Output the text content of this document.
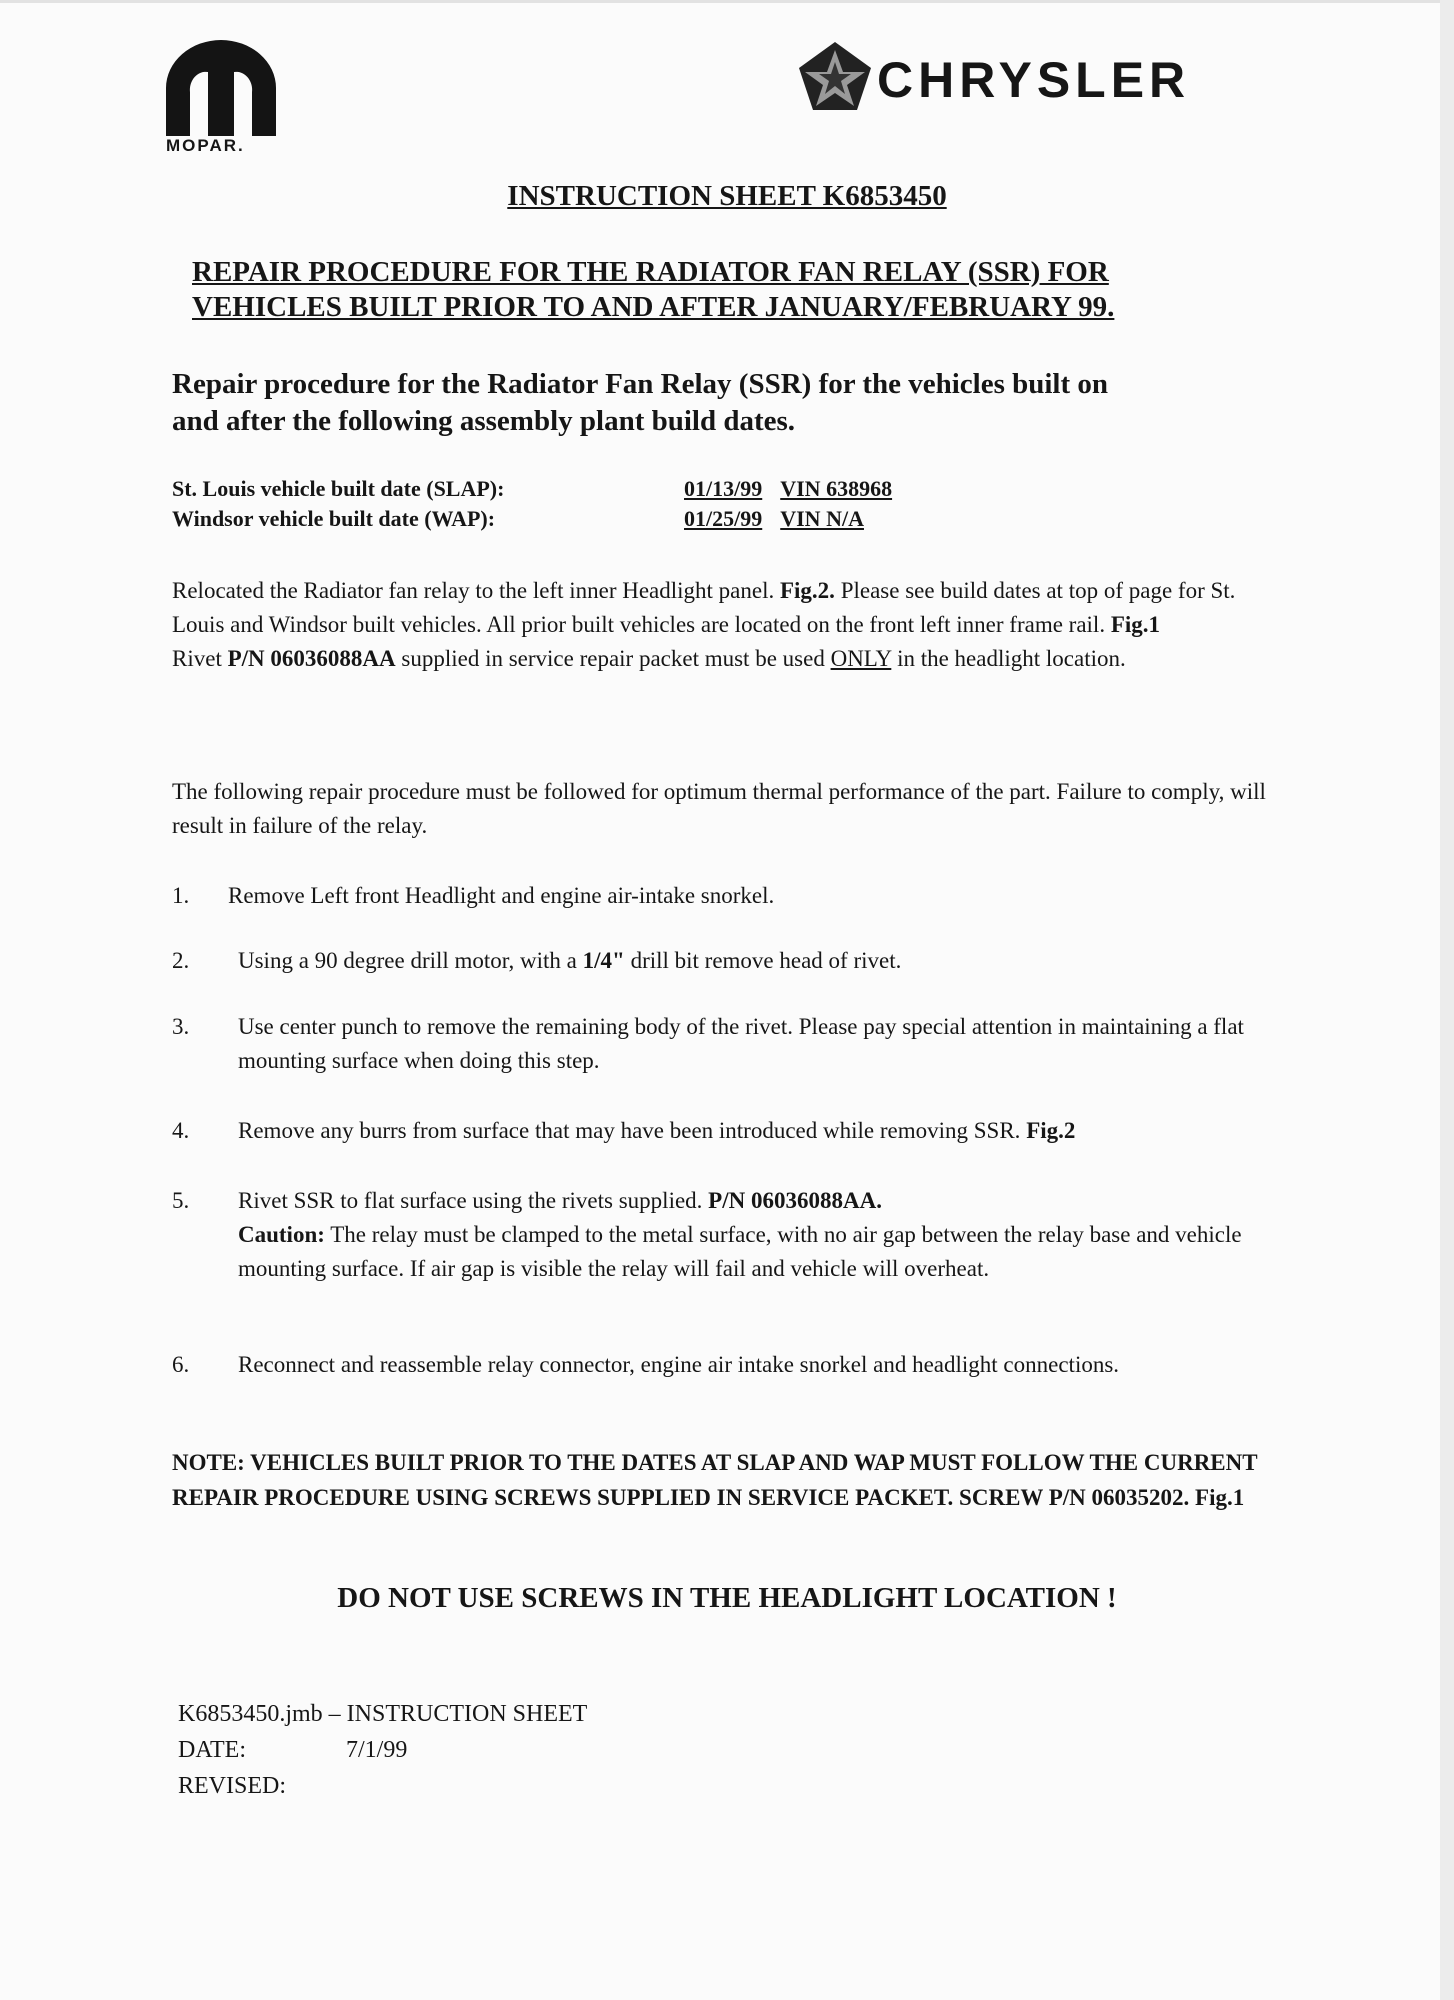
MOPAR.
CHRYSLER
INSTRUCTION SHEET K6853450
REPAIR PROCEDURE FOR THE RADIATOR FAN RELAY (SSR) FOR
VEHICLES BUILT PRIOR TO AND AFTER JANUARY/FEBRUARY 99.
Repair procedure for the Radiator Fan Relay (SSR) for the vehicles built on
and after the following assembly plant build dates.
St. Louis vehicle built date (SLAP):	01/13/99 VIN 638968
Windsor vehicle built date (WAP):	01/25/99 VIN N/A
Relocated the Radiator fan relay to the left inner Headlight panel. Fig.2. Please see build dates at top of page for St. Louis and Windsor built vehicles. All prior built vehicles are located on the front left inner frame rail. Fig.1
Rivet P/N 06036088AA supplied in service repair packet must be used ONLY in the headlight location.
The following repair procedure must be followed for optimum thermal performance of the part. Failure to comply, will result in failure of the relay.
1.	Remove Left front Headlight and engine air-intake snorkel.
2.	Using a 90 degree drill motor, with a 1/4" drill bit remove head of rivet.
3.	Use center punch to remove the remaining body of the rivet. Please pay special attention in maintaining a flat mounting surface when doing this step.
4.	Remove any burrs from surface that may have been introduced while removing SSR. Fig.2
5.	Rivet SSR to flat surface using the rivets supplied. P/N 06036088AA.
Caution: The relay must be clamped to the metal surface, with no air gap between the relay base and vehicle mounting surface. If air gap is visible the relay will fail and vehicle will overheat.
6.	Reconnect and reassemble relay connector, engine air intake snorkel and headlight connections.
NOTE: VEHICLES BUILT PRIOR TO THE DATES AT SLAP AND WAP MUST FOLLOW THE CURRENT REPAIR PROCEDURE USING SCREWS SUPPLIED IN SERVICE PACKET. SCREW P/N 06035202. Fig.1
DO NOT USE SCREWS IN THE HEADLIGHT LOCATION !
K6853450.jmb – INSTRUCTION SHEET
DATE:	7/1/99
REVISED:
